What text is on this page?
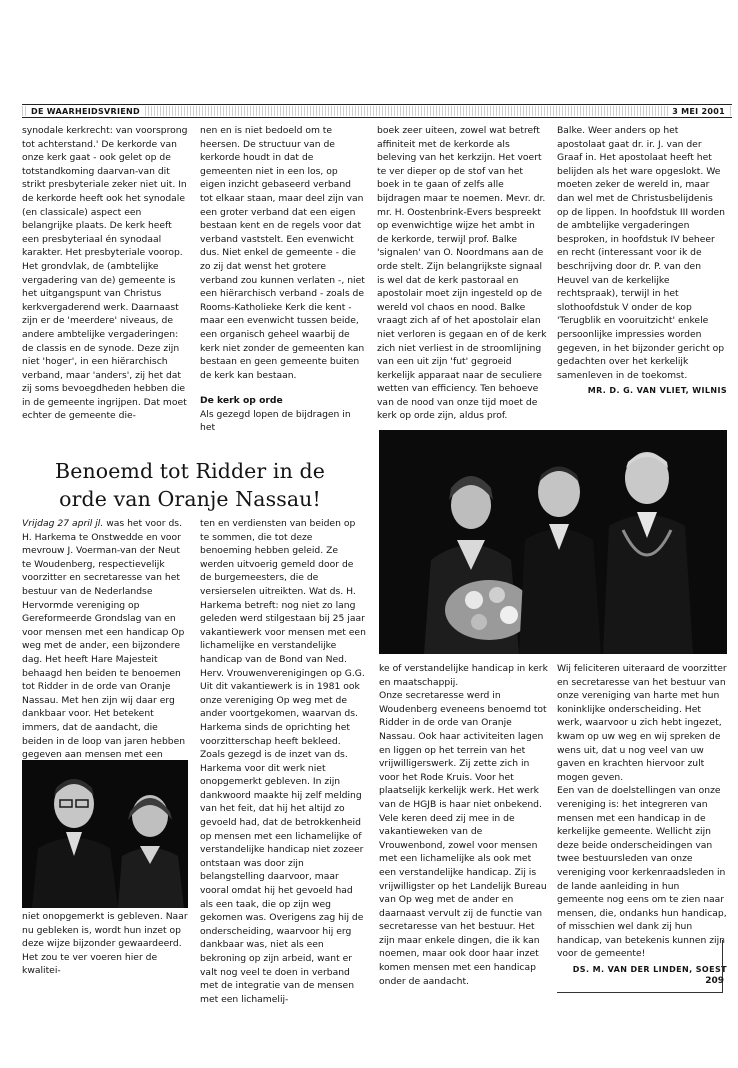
DE WAARHEIDSVRIEND	3 MEI 2001

synodale kerkrecht: van voorsprong tot achterstand.' De kerkorde van onze kerk gaat - ook gelet op de totstandkoming daarvan-van dit strikt presbyteriale zeker niet uit. In de kerkorde heeft ook het synodale (en classicale) aspect een belangrijke plaats. De kerk heeft een presbyteriaal én synodaal karakter. Het presbyteriale voorop. Het grondvlak, de (ambtelijke vergadering van de) gemeente is het uitgangspunt van Christus kerkvergaderend werk. Daarnaast zijn er de 'meerdere' niveaus, de andere ambtelijke vergaderingen: de classis en de synode. Deze zijn niet 'hoger', in een hiërarchisch verband, maar 'anders', zij het dat zij soms bevoegdheden hebben die in de gemeente ingrijpen. Dat moet echter de gemeente die-

nen en is niet bedoeld om te heersen. De structuur van de kerkorde houdt in dat de gemeenten niet in een los, op eigen inzicht gebaseerd verband tot elkaar staan, maar deel zijn van een groter verband dat een eigen bestaan kent en de regels voor dat verband vaststelt. Een evenwicht dus. Niet enkel de gemeente - die zo zij dat wenst het grotere verband zou kunnen verlaten -, niet een hiërarchisch verband - zoals de Rooms-Katholieke Kerk die kent - maar een evenwicht tussen beide, een organisch geheel waarbij de kerk niet zonder de gemeenten kan bestaan en geen gemeente buiten de kerk kan bestaan.

De kerk op orde

Als gezegd lopen de bijdragen in het

boek zeer uiteen, zowel wat betreft affiniteit met de kerkorde als beleving van het kerkzijn. Het voert te ver dieper op de stof van het boek in te gaan of zelfs alle bijdragen maar te noemen. Mevr. dr. mr. H. Oostenbrink-Evers bespreekt op evenwichtige wijze het ambt in de kerkorde, terwijl prof. Balke 'signalen' van O. Noordmans aan de orde stelt. Zijn belangrijkste signaal is wel dat de kerk pastoraal en apostolair moet zijn ingesteld op de wereld vol chaos en nood. Balke vraagt zich af of het apostolair elan niet verloren is gegaan en of de kerk zich niet verliest in de stroomlijning van een uit zijn 'fut' gegroeid kerkelijk apparaat naar de seculiere wetten van efficiency. Ten behoeve van de nood van onze tijd moet de kerk op orde zijn, aldus prof.

Balke. Weer anders op het apostolaat gaat dr. ir. J. van der Graaf in. Het apostolaat heeft het belijden als het ware opgeslokt. We moeten zeker de wereld in, maar dan wel met de Christusbelijdenis op de lippen. In hoofdstuk III worden de ambtelijke vergaderingen besproken, in hoofdstuk IV beheer en recht (interessant voor ik de beschrijving door dr. P. van den Heuvel van de kerkelijke rechtspraak), terwijl in het slothoofdstuk V onder de kop 'Terugblik en vooruitzicht' enkele persoonlijke impressies worden gegeven, in het bijzonder gericht op gedachten over het kerkelijk samenleven in de toekomst.

MR. D. G. VAN VLIET, WILNIS
Benoemd tot Ridder in de orde van Oranje Nassau!

Vrijdag 27 april jl. was het voor ds. H. Harkema te Onstwedde en voor mevrouw J. Voerman-van der Neut te Woudenberg, respectievelijk voorzitter en secretaresse van het bestuur van de Nederlandse Hervormde vereniging op Gereformeerde Grondslag van en voor mensen met een handicap Op weg met de ander, een bijzondere dag. Het heeft Hare Majesteit behaagd hen beiden te benoemen tot Ridder in de orde van Oranje Nassau. Met hen zijn wij daar erg dankbaar voor. Het betekent immers, dat de aandacht, die beiden in de loop van jaren hebben gegeven aan mensen met een

niet onopgemerkt is gebleven. Naar nu gebleken is, wordt hun inzet op deze wijze bijzonder gewaardeerd. Het zou te ver voeren hier de kwalitei-

ten en verdiensten van beiden op te sommen, die tot deze benoeming hebben geleid. Ze werden uitvoerig gemeld door de de burgemeesters, die de versierselen uitreikten. Wat ds. H. Harkema betreft: nog niet zo lang geleden werd stilgestaan bij 25 jaar vakantiewerk voor mensen met een lichamelijke en verstandelijke handicap van de Bond van Ned. Herv. Vrouwenverenigingen op G.G. Uit dit vakantiewerk is in 1981 ook onze vereniging Op weg met de ander voortgekomen, waarvan ds. Harkema sinds de oprichting het voorzitterschap heeft bekleed.

Zoals gezegd is de inzet van ds. Harkema voor dit werk niet onopgemerkt gebleven. In zijn dankwoord maakte hij zelf melding van het feit, dat hij het altijd zo gevoeld had, dat de betrokkenheid op mensen met een lichamelijke of verstandelijke handicap niet zozeer ontstaan was door zijn belangstelling daarvoor, maar vooral omdat hij het gevoeld had als een taak, die op zijn weg gekomen was. Overigens zag hij de onderscheiding, waarvoor hij erg dankbaar was, niet als een bekroning op zijn arbeid, want er valt nog veel te doen in verband met de integratie van de mensen met een lichamelij-

ke of verstandelijke handicap in kerk en maatschappij.

Onze secretaresse werd in Woudenberg eveneens benoemd tot Ridder in de orde van Oranje Nassau. Ook haar activiteiten lagen en liggen op het terrein van het vrijwilligerswerk. Zij zette zich in voor het Rode Kruis. Voor het plaatselijk kerkelijk werk. Het werk van de HGJB is haar niet onbekend. Vele keren deed zij mee in de vakantieweken van de Vrouwenbond, zowel voor mensen met een lichamelijke als ook met een verstandelijke handicap. Zij is vrijwilligster op het Landelijk Bureau van Op weg met de ander en daarnaast vervult zij de functie van secretaresse van het bestuur. Het zijn maar enkele dingen, die ik kan noemen, maar ook door haar inzet komen mensen met een handicap onder de aandacht.

Wij feliciteren uiteraard de voorzitter en secretaresse van het bestuur van onze vereniging van harte met hun koninklijke onderscheiding. Het werk, waarvoor u zich hebt ingezet, kwam op uw weg en wij spreken de wens uit, dat u nog veel van uw gaven en krachten hiervoor zult mogen geven.

Een van de doelstellingen van onze vereniging is: het integreren van mensen met een handicap in de kerkelijke gemeente. Wellicht zijn deze beide onderscheidingen van twee bestuursleden van onze vereniging voor kerkenraadsleden in de lande aanleiding in hun gemeente nog eens om te zien naar mensen, die, ondanks hun handicap, of misschien wel dank zij hun handicap, van betekenis kunnen zijn voor de gemeente!

DS. M. VAN DER LINDEN, SOEST
209
